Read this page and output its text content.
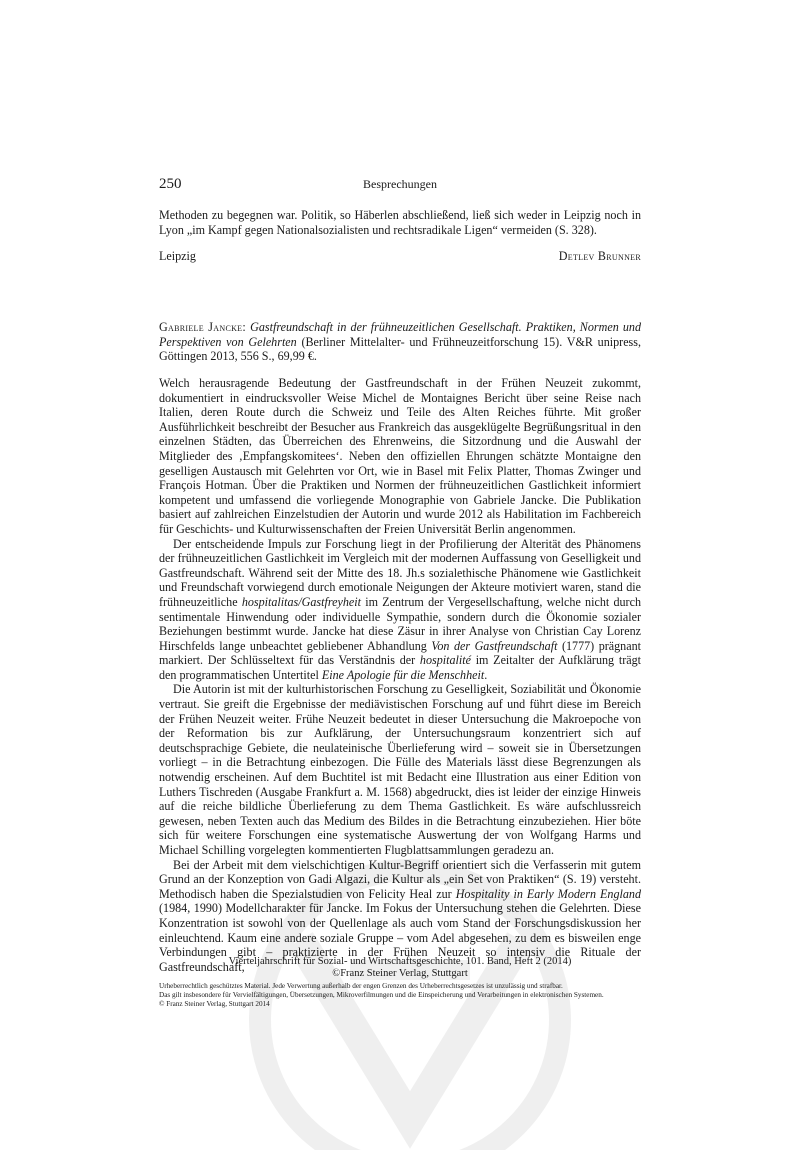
250	Besprechungen
Methoden zu begegnen war. Politik, so Häberlen abschließend, ließ sich weder in Leipzig noch in Lyon „im Kampf gegen Nationalsozialisten und rechtsradikale Ligen“ vermeiden (S. 328).
Leipzig	Detlev Brunner
Gabriele Jancke: Gastfreundschaft in der frühneuzeitlichen Gesellschaft. Praktiken, Normen und Perspektiven von Gelehrten (Berliner Mittelalter- und Frühneuzeitforschung 15). V&R unipress, Göttingen 2013, 556 S., 69,99 €.

Welch herausragende Bedeutung der Gastfreundschaft in der Frühen Neuzeit zukommt, dokumentiert in eindrucksvoller Weise Michel de Montaignes Bericht über seine Reise nach Italien, deren Route durch die Schweiz und Teile des Alten Reiches führte. Mit großer Ausführlichkeit beschreibt der Besucher aus Frankreich das ausgeklügelte Begrüßungsritual in den einzelnen Städten, das Überreichen des Ehrenweins, die Sitzordnung und die Auswahl der Mitglieder des ‚Empfangskomitees‘. Neben den offiziellen Ehrungen schätzte Montaigne den geselligen Austausch mit Gelehrten vor Ort, wie in Basel mit Felix Platter, Thomas Zwinger und François Hotman. Über die Praktiken und Normen der frühneuzeitlichen Gastlichkeit informiert kompetent und umfassend die vorliegende Monographie von Gabriele Jancke. Die Publikation basiert auf zahlreichen Einzelstudien der Autorin und wurde 2012 als Habilitation im Fachbereich für Geschichts- und Kulturwissenschaften der Freien Universität Berlin angenommen.

Der entscheidende Impuls zur Forschung liegt in der Profilierung der Alterität des Phänomens der frühneuzeitlichen Gastlichkeit im Vergleich mit der modernen Auffassung von Geselligkeit und Gastfreundschaft. Während seit der Mitte des 18. Jh.s sozialethische Phänomene wie Gastlichkeit und Freundschaft vorwiegend durch emotionale Neigungen der Akteure motiviert waren, stand die frühneuzeitliche hospitalitas/Gastfreyheit im Zentrum der Vergesellschaftung, welche nicht durch sentimentale Hinwendung oder individuelle Sympathie, sondern durch die Ökonomie sozialer Beziehungen bestimmt wurde. Jancke hat diese Zäsur in ihrer Analyse von Christian Cay Lorenz Hirschfelds lange unbeachtet gebliebener Abhandlung Von der Gastfreundschaft (1777) prägnant markiert. Der Schlüsseltext für das Verständnis der hospitalité im Zeitalter der Aufklärung trägt den programmatischen Untertitel Eine Apologie für die Menschheit.

Die Autorin ist mit der kulturhistorischen Forschung zu Geselligkeit, Soziabilität und Ökonomie vertraut. Sie greift die Ergebnisse der mediävistischen Forschung auf und führt diese im Bereich der Frühen Neuzeit weiter. Frühe Neuzeit bedeutet in dieser Untersuchung die Makroepoche von der Reformation bis zur Aufklärung, der Untersuchungsraum konzentriert sich auf deutschsprachige Gebiete, die neulateinische Überlieferung wird – soweit sie in Übersetzungen vorliegt – in die Betrachtung einbezogen. Die Fülle des Materials lässt diese Begrenzungen als notwendig erscheinen. Auf dem Buchtitel ist mit Bedacht eine Illustration aus einer Edition von Luthers Tischreden (Ausgabe Frankfurt a. M. 1568) abgedruckt, dies ist leider der einzige Hinweis auf die reiche bildliche Überlieferung zu dem Thema Gastlichkeit. Es wäre aufschlussreich gewesen, neben Texten auch das Medium des Bildes in die Betrachtung einzubeziehen. Hier böte sich für weitere Forschungen eine systematische Auswertung der von Wolfgang Harms und Michael Schilling vorgelegten kommentierten Flugblattsammlungen geradezu an.

Bei der Arbeit mit dem vielschichtigen Kultur-Begriff orientiert sich die Verfasserin mit gutem Grund an der Konzeption von Gadi Algazi, die Kultur als „ein Set von Praktiken“ (S. 19) versteht. Methodisch haben die Spezialstudien von Felicity Heal zur Hospitality in Early Modern England (1984, 1990) Modellcharakter für Jancke. Im Fokus der Untersuchung stehen die Gelehrten. Diese Konzentration ist sowohl von der Quellenlage als auch vom Stand der Forschungsdiskussion her einleuchtend. Kaum eine andere soziale Gruppe – vom Adel abgesehen, zu dem es bisweilen enge Verbindungen gibt – praktizierte in der Frühen Neuzeit so intensiv die Rituale der Gastfreundschaft,

Vierteljahrschrift für Sozial- und Wirtschaftsgeschichte, 101. Band, Heft 2 (2014)
©Franz Steiner Verlag, Stuttgart
Urheberrechtlich geschütztes Material. Jede Verwertung außerhalb der engen Grenzen des Urheberrechtsgesetzes ist unzulässig und strafbar.
Das gilt insbesondere für Vervielfältigungen, Übersetzungen, Mikroverfilmungen und die Einspeicherung und Verarbeitungen in elektronischen Systemen.
© Franz Steiner Verlag, Stuttgart 2014
